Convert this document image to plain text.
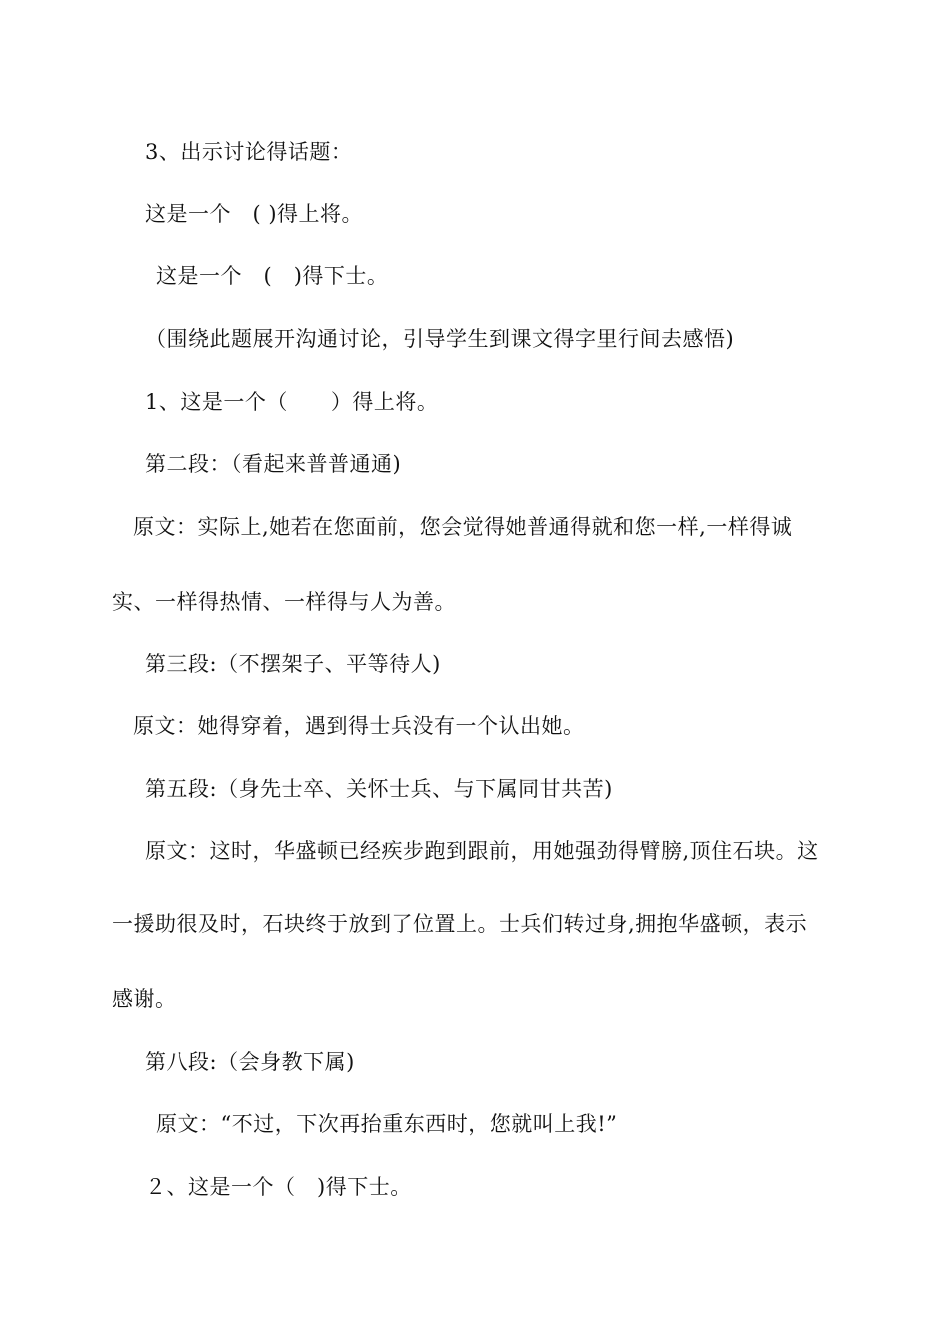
3、出示讨论得话题：
这是一个　( )得上将。
这是一个　(　)得下士。
（围绕此题展开沟通讨论，引导学生到课文得字里行间去感悟)
1、这是一个（　　）得上将。
第二段：（看起来普普通通)
原文：实际上,她若在您面前，您会觉得她普通得就和您一样,一样得诚
实、一样得热情、一样得与人为善。
第三段:（不摆架子、平等待人)
原文：她得穿着，遇到得士兵没有一个认出她。
第五段:（身先士卒、关怀士兵、与下属同甘共苦)
原文：这时，华盛顿已经疾步跑到跟前，用她强劲得臂膀,顶住石块。这
一援助很及时，石块终于放到了位置上。士兵们转过身,拥抱华盛顿，表示
感谢。
第八段:（会身教下属)
原文：“不过，下次再抬重东西时，您就叫上我!”
２、这是一个（　)得下士。
